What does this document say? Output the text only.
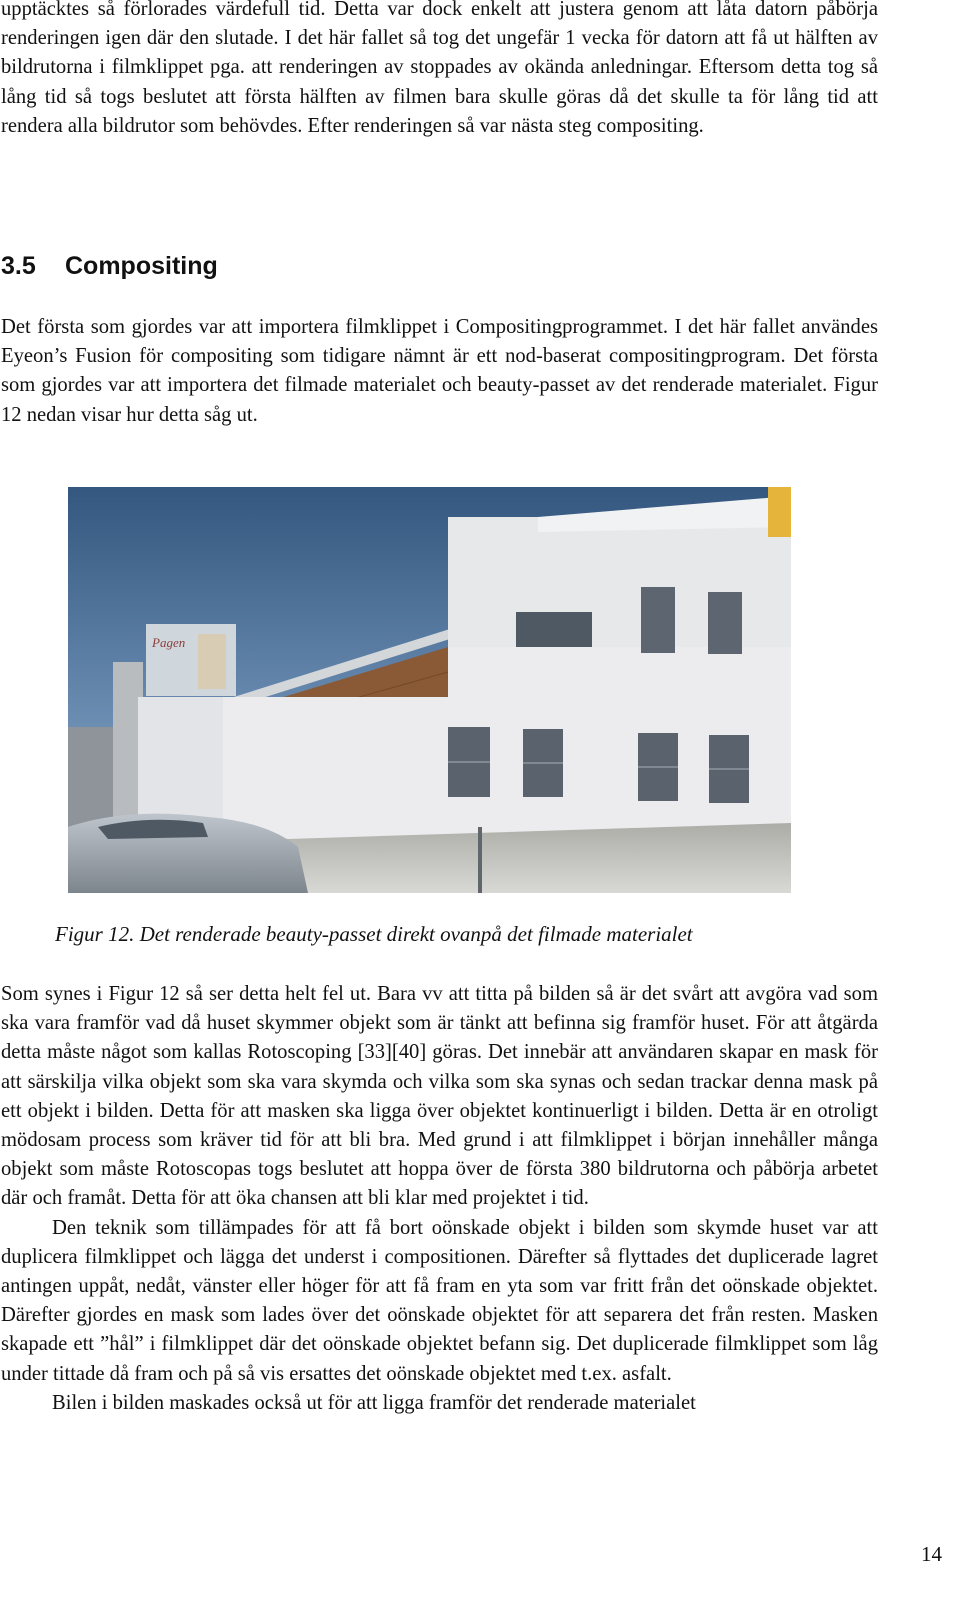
upptäcktes så förlorades värdefull tid. Detta var dock enkelt att justera genom att låta datorn påbörja renderingen igen där den slutade. I det här fallet så tog det ungefär 1 vecka för datorn att få ut hälften av bildrutorna i filmklippet pga. att renderingen av stoppades av okända anledningar. Eftersom detta tog så lång tid så togs beslutet att första hälften av filmen bara skulle göras då det skulle ta för lång tid att rendera alla bildrutor som behövdes. Efter renderingen så var nästa steg compositing.

3.5 Compositing

Det första som gjordes var att importera filmklippet i Compositingprogrammet. I det här fallet användes Eyeon’s Fusion för compositing som tidigare nämnt är ett nod-baserat compositingprogram. Det första som gjordes var att importera det filmade materialet och beauty-passet av det renderade materialet. Figur 12 nedan visar hur detta såg ut.

Pagen

Figur 12. Det renderade beauty-passet direkt ovanpå det filmade materialet

Som synes i Figur 12 så ser detta helt fel ut. Bara vv att titta på bilden så är det svårt att avgöra vad som ska vara framför vad då huset skymmer objekt som är tänkt att befinna sig framför huset. För att åtgärda detta måste något som kallas Rotoscoping [33][40] göras. Det innebär att användaren skapar en mask för att särskilja vilka objekt som ska vara skymda och vilka som ska synas och sedan trackar denna mask på ett objekt i bilden. Detta för att masken ska ligga över objektet kontinuerligt i bilden. Detta är en otroligt mödosam process som kräver tid för att bli bra. Med grund i att filmklippet i början innehåller många objekt som måste Rotoscopas togs beslutet att hoppa över de första 380 bildrutorna och påbörja arbetet där och framåt. Detta för att öka chansen att bli klar med projektet i tid.

Den teknik som tillämpades för att få bort oönskade objekt i bilden som skymde huset var att duplicera filmklippet och lägga det underst i compositionen. Därefter så flyttades det duplicerade lagret antingen uppåt, nedåt, vänster eller höger för att få fram en yta som var fritt från det oönskade objektet. Därefter gjordes en mask som lades över det oönskade objektet för att separera det från resten. Masken skapade ett ”hål” i filmklippet där det oönskade objektet befann sig. Det duplicerade filmklippet som låg under tittade då fram och på så vis ersattes det oönskade objektet med t.ex. asfalt.

Bilen i bilden maskades också ut för att ligga framför det renderade materialet

14
